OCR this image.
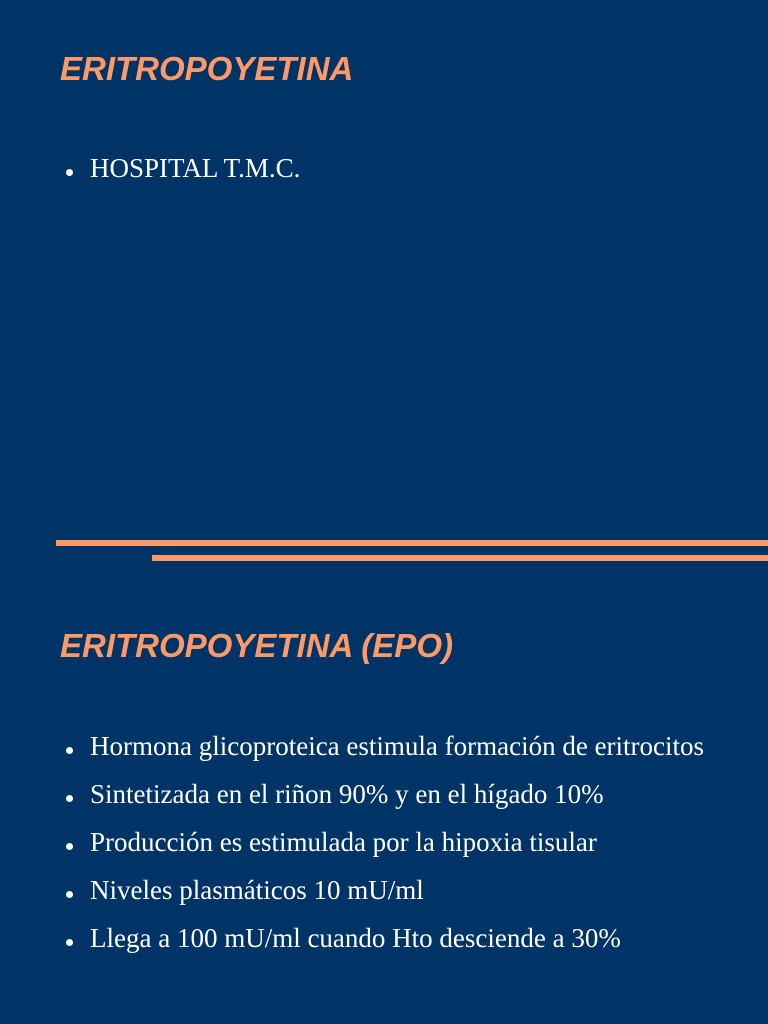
ERITROPOYETINA
HOSPITAL T.M.C.
ERITROPOYETINA (EPO)
Hormona glicoproteica estimula formación de eritrocitos
Sintetizada en el riñon 90% y en el hígado 10%
Producción es estimulada por la hipoxia tisular
Niveles plasmáticos 10 mU/ml
Llega a 100 mU/ml cuando Hto desciende a 30%
